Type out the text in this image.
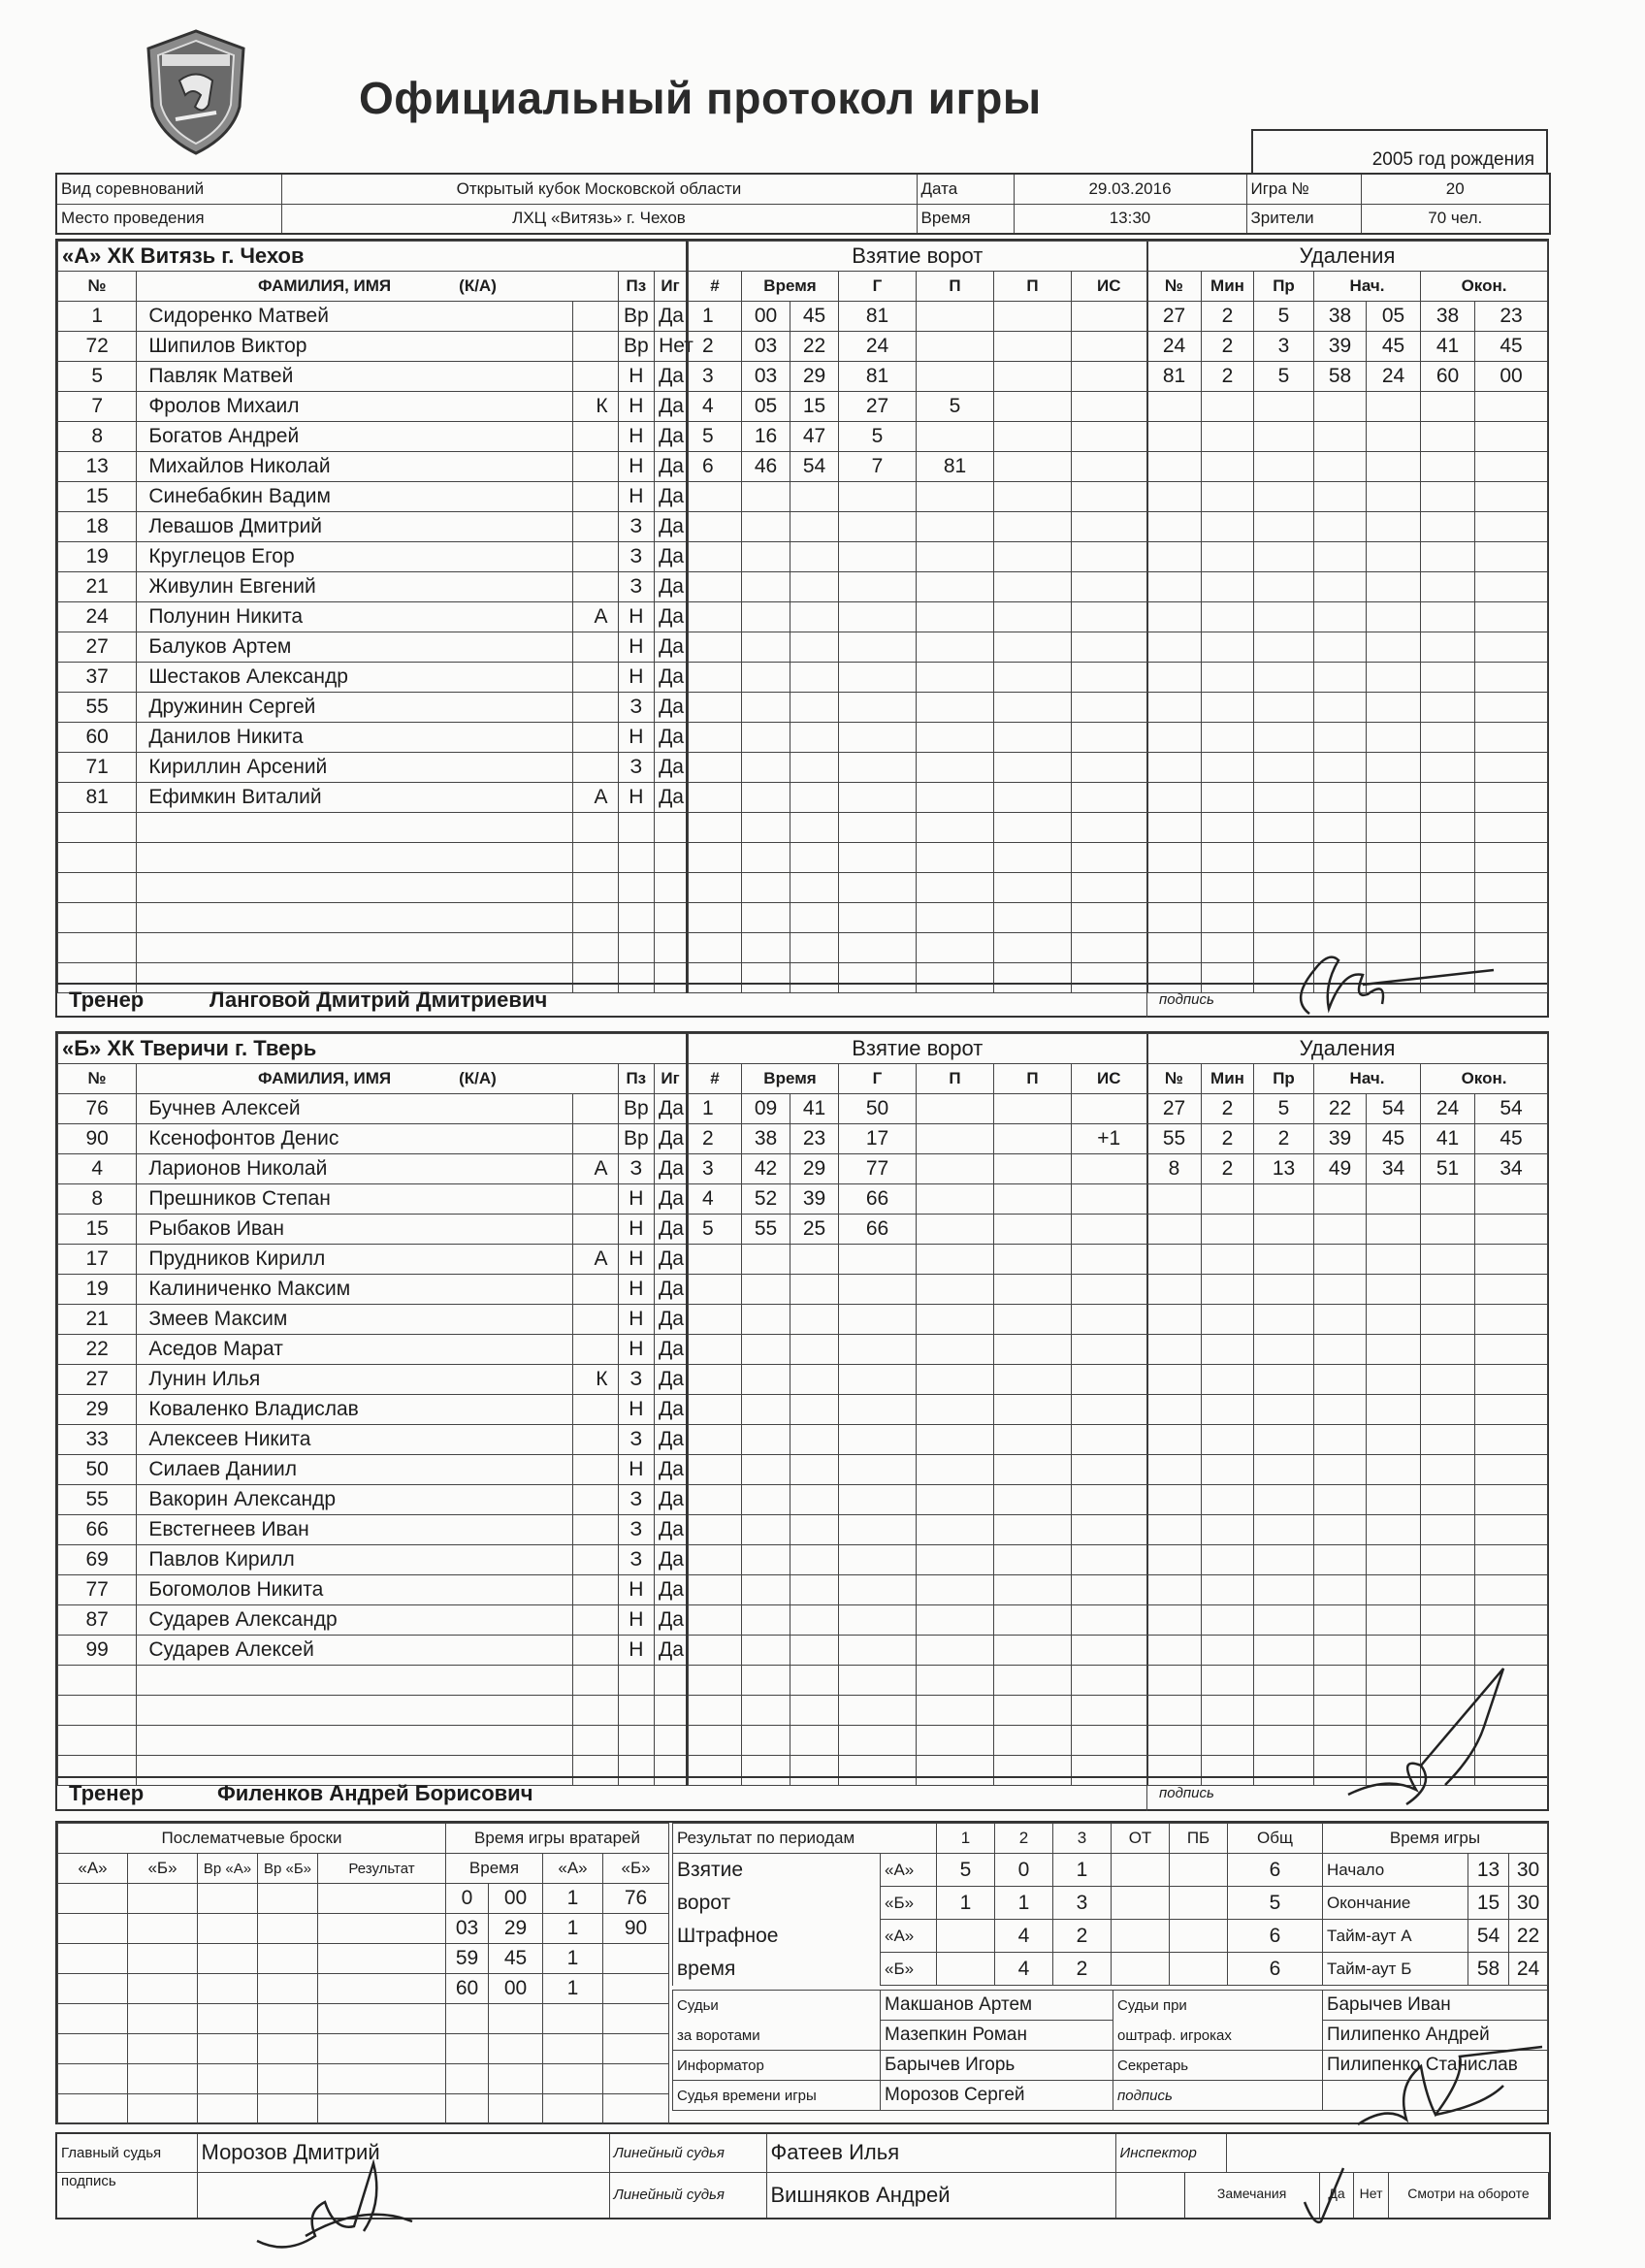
Официальный протокол игры
2005 год рождения
Вид соревнований	Открытый кубок Московской области	Дата	29.03.2016	Игра №	20
Место проведения	ЛХЦ «Витязь» г. Чехов	Время	13:30	Зрители	70 чел.
«А» ХК Витязь г. Чехов				
№	ФАМИЛИЯ, ИМЯ (К/А)		Пз	Иг
1	Сидоренко Матвей		Вр	Да
72	Шипилов Виктор		Вр	Нет
5	Павляк Матвей		Н	Да
7	Фролов Михаил	К	Н	Да
8	Богатов Андрей		Н	Да
13	Михайлов Николай		Н	Да
15	Синебабкин Вадим		Н	Да
18	Левашов Дмитрий		З	Да
19	Круглецов Егор		З	Да
21	Живулин Евгений		З	Да
24	Полунин Никита	А	Н	Да
27	Балуков Артем		Н	Да
37	Шестаков Александр		Н	Да
55	Дружинин Сергей		З	Да
60	Данилов Никита		Н	Да
71	Кириллин Арсений		З	Да
81	Ефимкин Виталий	А	Н	Да

Взятие ворот						
#	Время		Г	П	П	ИС
1	00	45	81			
2	03	22	24			
3	03	29	81			
4	05	15	27	5		
5	16	47	5			
6	46	54	7	81		

Удаления						
№	Мин	Пр	Нач.		Окон.	
27	2	5	38	05	38	23
24	2	3	39	45	41	45
81	2	5	58	24	60	00

Тренер	Ланговой Дмитрий Дмитриевич	подпись
«Б» ХК Тверичи г. Тверь				
№	ФАМИЛИЯ, ИМЯ (К/А)		Пз	Иг
76	Бучнев Алексей		Вр	Да
90	Ксенофонтов Денис		Вр	Да
4	Ларионов Николай	А	З	Да
8	Прешников Степан		Н	Да
15	Рыбаков Иван		Н	Да
17	Прудников Кирилл	А	Н	Да
19	Калиниченко Максим		Н	Да
21	Змеев Максим		Н	Да
22	Аседов Марат		Н	Да
27	Лунин Илья	К	З	Да
29	Коваленко Владислав		Н	Да
33	Алексеев Никита		З	Да
50	Силаев Даниил		Н	Да
55	Вакорин Александр		З	Да
66	Евстегнеев Иван		З	Да
69	Павлов Кирилл		З	Да
77	Богомолов Никита		Н	Да
87	Сударев Александр		Н	Да
99	Сударев Алексей		Н	Да

Взятие ворот						
#	Время		Г	П	П	ИС
1	09	41	50			
2	38	23	17			+1
3	42	29	77			
4	52	39	66			
5	55	25	66			

Удаления						
№	Мин	Пр	Нач.		Окон.	
27	2	5	22	54	24	54
55	2	2	39	45	41	45
8	2	13	49	34	51	34

Тренер	Филенков Андрей Борисович	подпись
Послематчевые броски				
«А»	«Б»	Вр «А»	Вр «Б»	Результат

Время игры вратарей			
Время		«А»	«Б»
0	00	1	76
03	29	1	90
59	45	1	
60	00	1	

Результат по периодам		1	2	3	ОТ	ПБ	Общ
Взятие	«А»	5	0	1			6
ворот	«Б»	1	1	3			5
Штрафное	«А»		4	2			6
время	«Б»		4	2			6
Время игры		
Начало	13	30
Окончание	15	30
Тайм-аут А	54	22
Тайм-аут Б	58	24
Судьи	Макшанов Артем	Судьи при	Барычев Иван
за воротами	Мазепкин Роман	оштраф. игроках	Пилипенко Андрей
Информатор	Барычев Игорь	Секретарь	Пилипенко Станислав
Судья времени игры	Морозов Сергей	подпись	
Главный судья	Морозов Дмитрий	Линейный судья	Фатеев Илья	Инспектор	
подпись		Линейный судья	Вишняков Андрей	Замечания Да Нет Смотри на обороте	
